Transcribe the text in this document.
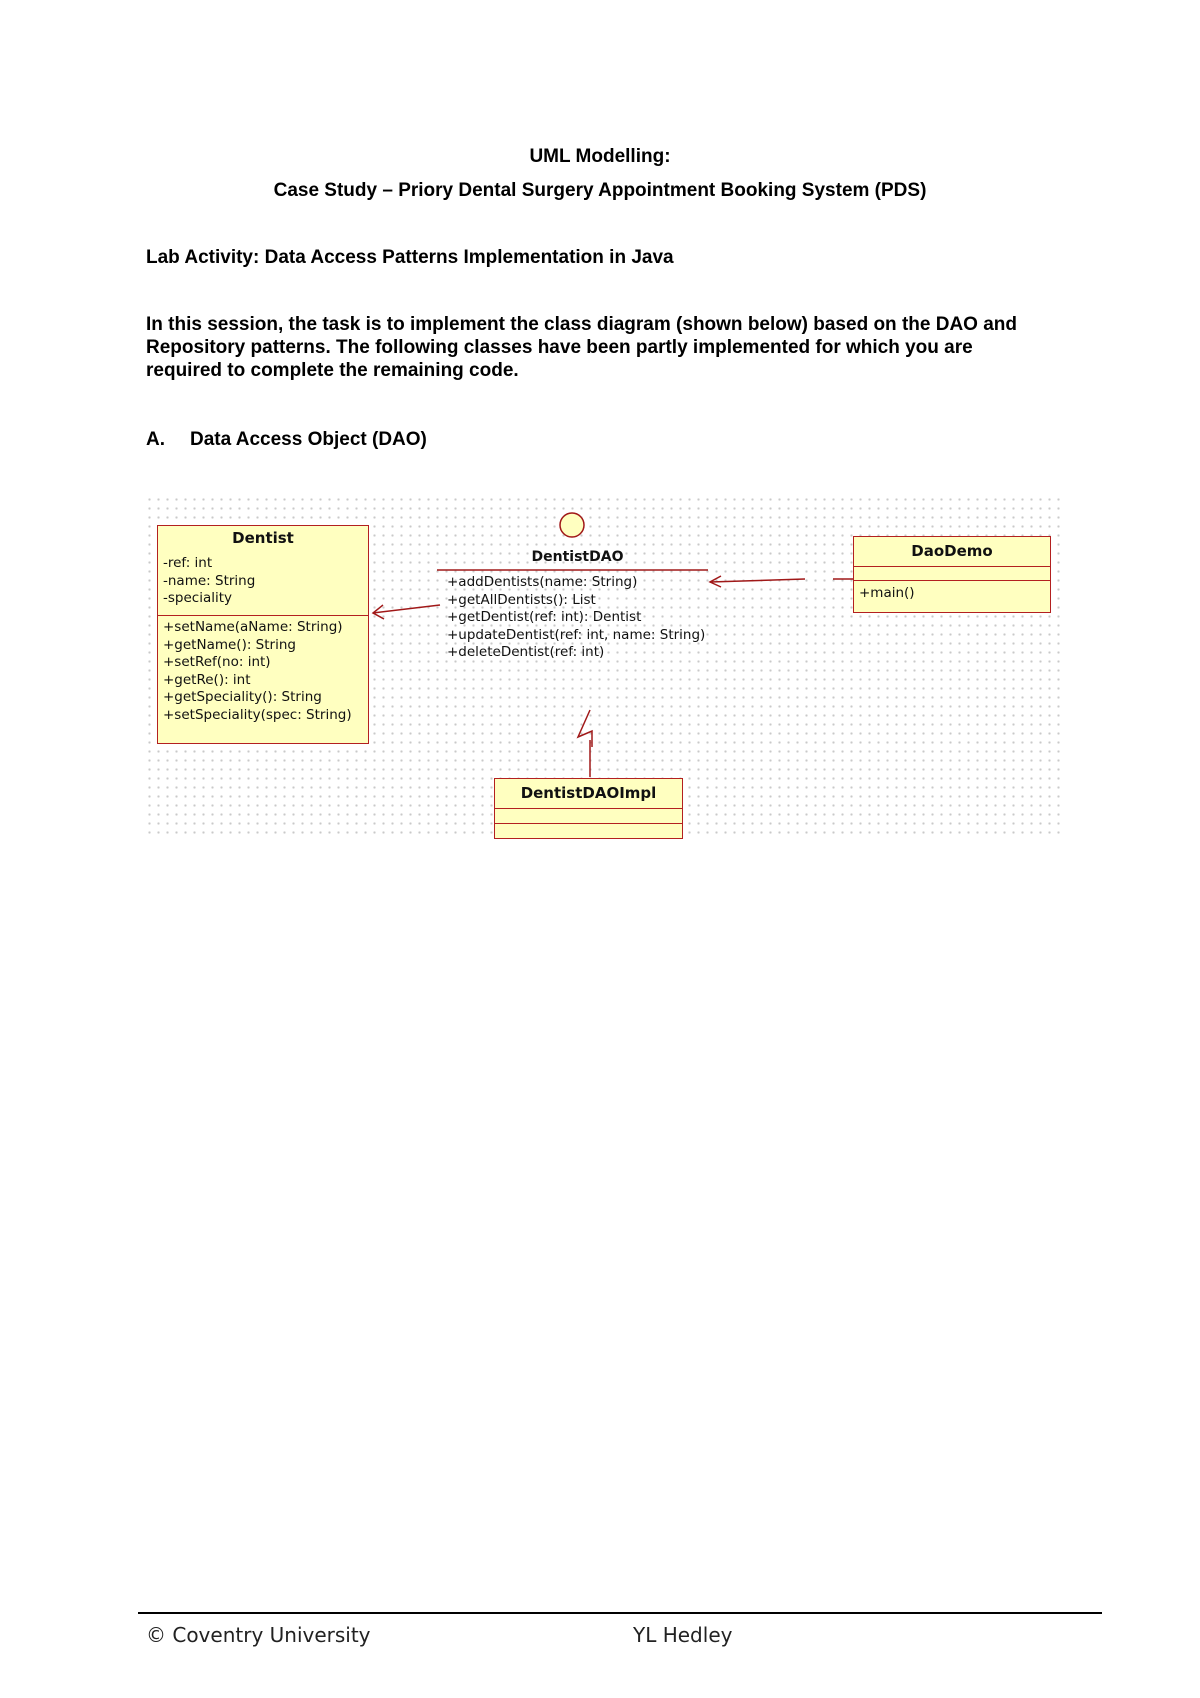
UML Modelling:
Case Study – Priory Dental Surgery Appointment Booking System (PDS)
Lab Activity: Data Access Patterns Implementation in Java
In this session, the task is to implement the class diagram (shown below) based on the DAO and Repository patterns. The following classes have been partly implemented for which you are required to complete the remaining code.
A. Data Access Object (DAO)
Dentist
-ref: int
-name: String
-speciality
+setName(aName: String)
+getName(): String
+setRef(no: int)
+getRe(): int
+getSpeciality(): String
+setSpeciality(spec: String)
DentistDAO
+addDentists(name: String)
+getAllDentists(): List
+getDentist(ref: int): Dentist
+updateDentist(ref: int, name: String)
+deleteDentist(ref: int)
DaoDemo
+main()
DentistDAOImpl
© Coventry University	YL Hedley
